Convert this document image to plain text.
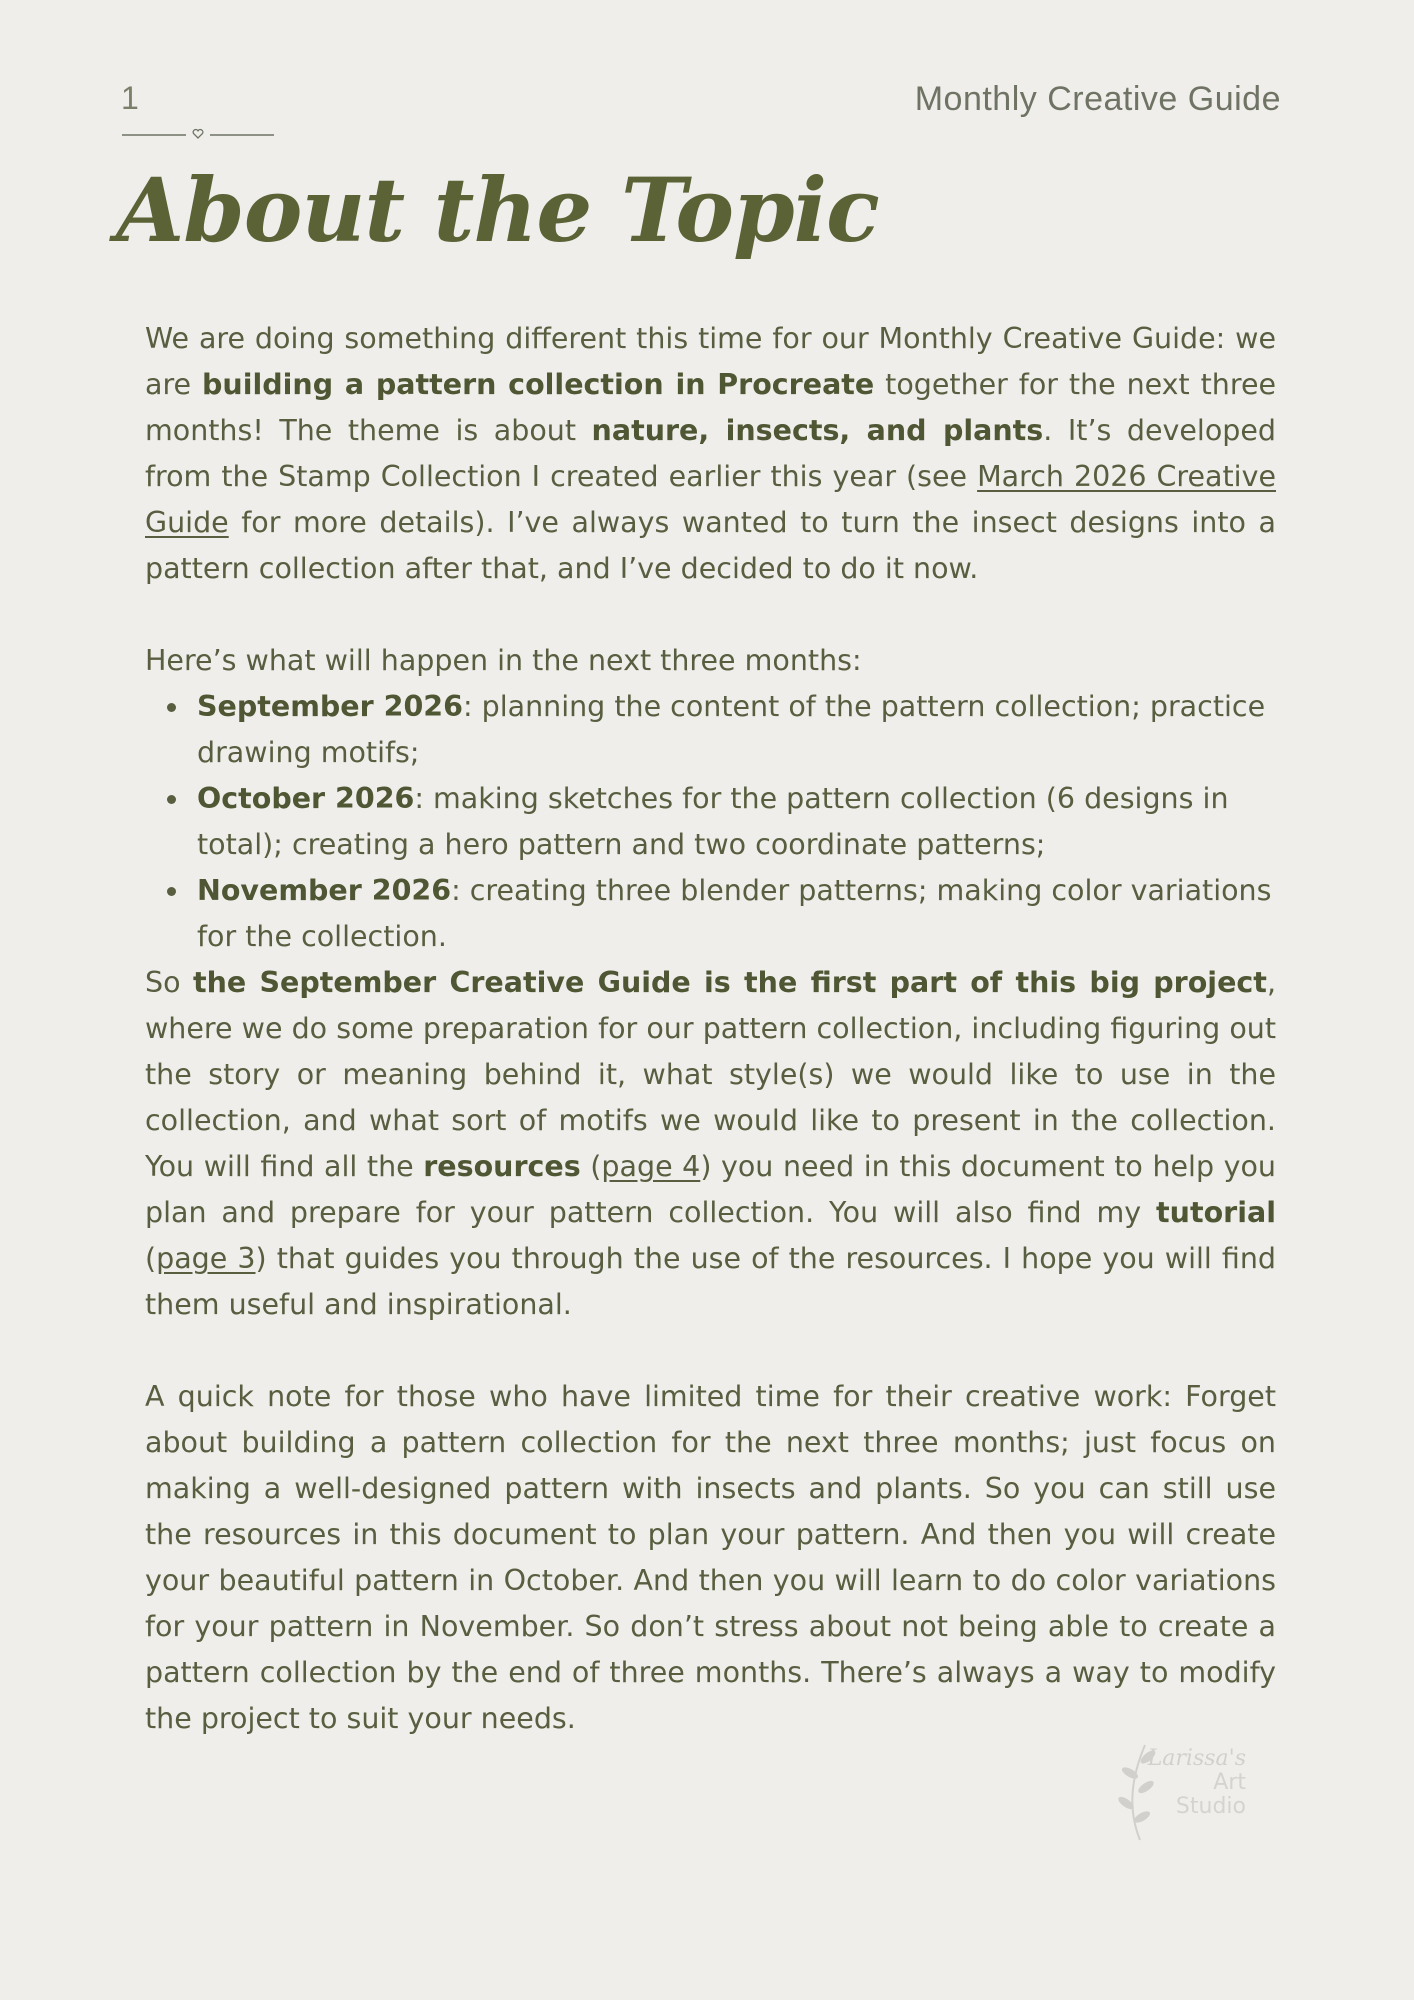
1	Monthly Creative Guide
About the Topic

We are doing something different this time for our Monthly Creative Guide: we are building a pattern collection in Procreate together for the next three months! The theme is about nature, insects, and plants. It’s developed from the Stamp Collection I created earlier this year (see March 2026 Creative Guide for more details). I’ve always wanted to turn the insect designs into a pattern collection after that, and I’ve decided to do it now.

Here’s what will happen in the next three months:
September 2026: planning the content of the pattern collection; practice drawing motifs;
October 2026: making sketches for the pattern collection (6 designs in total); creating a hero pattern and two coordinate patterns;
November 2026: creating three blender patterns; making color variations for the collection.

So the September Creative Guide is the first part of this big project, where we do some preparation for our pattern collection, including figuring out the story or meaning behind it, what style(s) we would like to use in the collection, and what sort of motifs we would like to present in the collection. You will find all the resources (page 4) you need in this document to help you plan and prepare for your pattern collection. You will also find my tutorial (page 3) that guides you through the use of the resources. I hope you will find them useful and inspirational.

A quick note for those who have limited time for their creative work: Forget about building a pattern collection for the next three months; just focus on making a well-designed pattern with insects and plants. So you can still use the resources in this document to plan your pattern. And then you will create your beautiful pattern in October. And then you will learn to do color variations for your pattern in November. So don’t stress about not being able to create a pattern collection by the end of three months. There’s always a way to modify the project to suit your needs.

Larissa's
Art
Studio
